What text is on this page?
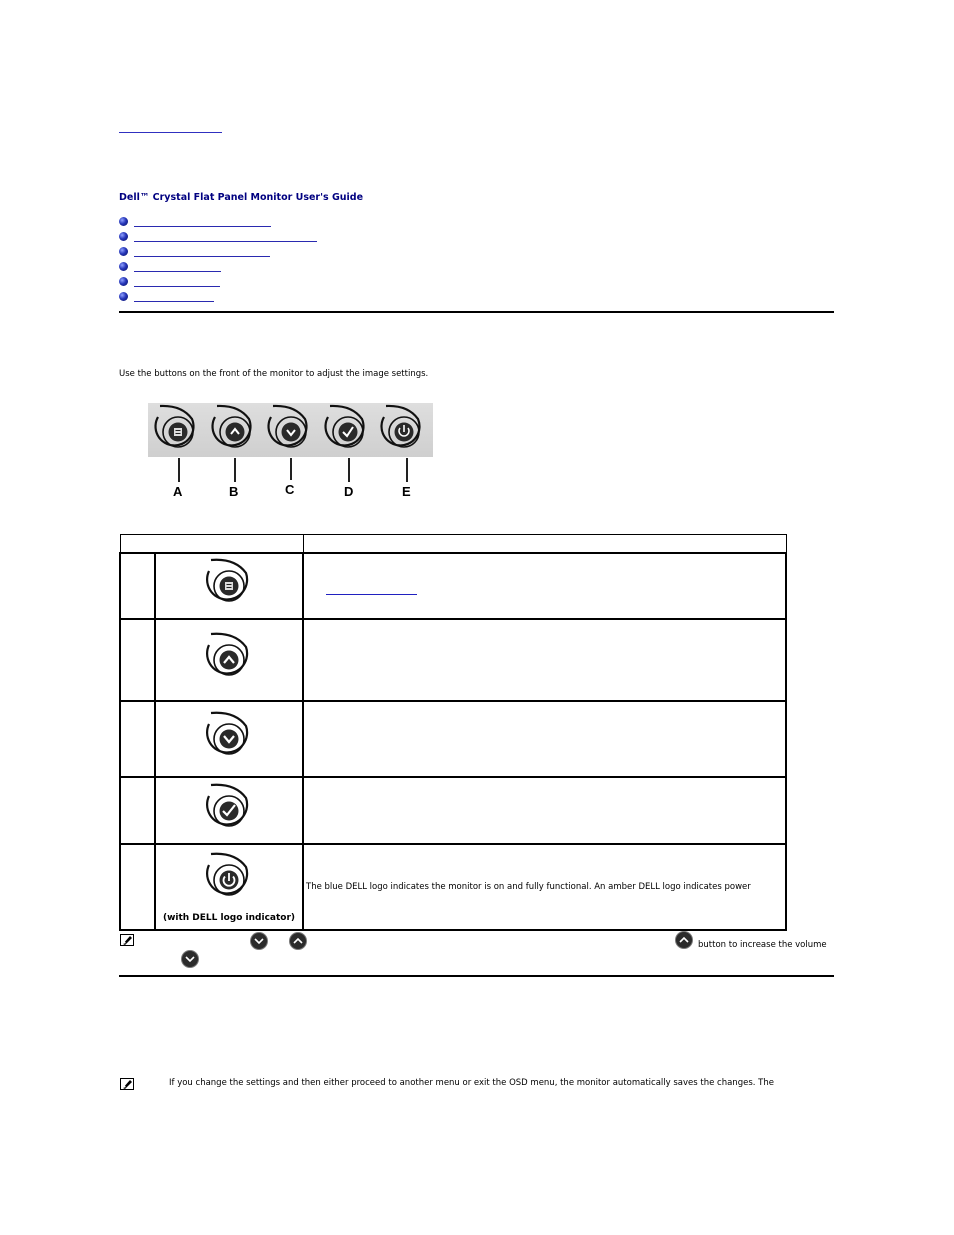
Dell™ Crystal Flat Panel Monitor User's Guide
Use the buttons on the front of the monitor to adjust the image settings.
A	B	C	D	E

	(with DELL logo indicator)	The blue DELL logo indicates the monitor is on and fully functional. An amber DELL logo indicates power
button to increase the volume
If you change the settings and then either proceed to another menu or exit the OSD menu, the monitor automatically saves the changes. The
